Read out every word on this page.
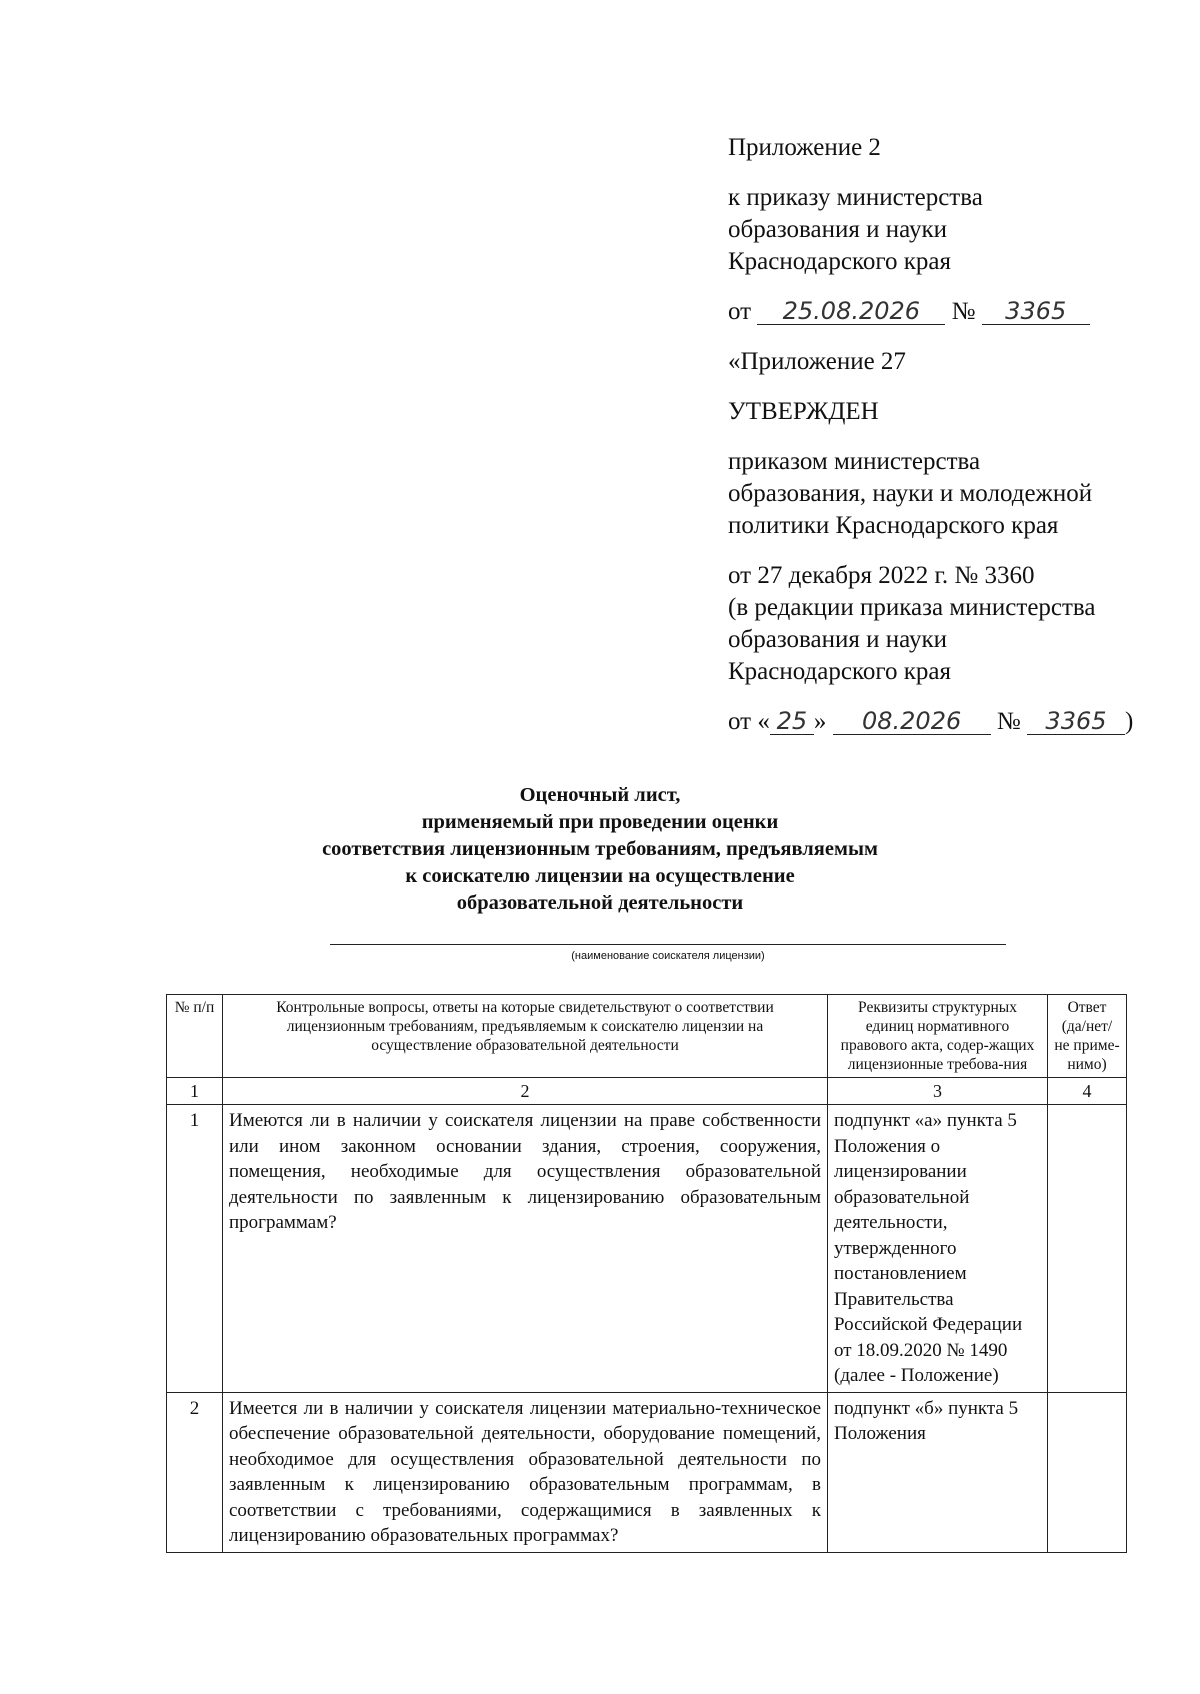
Приложение 2

к приказу министерства

образования и науки

Краснодарского края

от 25.08.2026 № 3365

«Приложение 27

УТВЕРЖДЕН

приказом министерства

образования, науки и молодежной

политики Краснодарского края

от 27 декабря 2022 г. № 3360

(в редакции приказа министерства

образования и науки

Краснодарского края

от « 25 » 08.2026 № 3365 )

Оценочный лист,
применяемый при проведении оценки
соответствия лицензионным требованиям, предъявляемым
к соискателю лицензии на осуществление
образовательной деятельности
(наименование соискателя лицензии)
№ п/п	Контрольные вопросы, ответы на которые свидетельствуют о соответствии лицензионным требованиям, предъявляемым к соискателю лицензии на осуществление образовательной деятельности	Реквизиты структурных единиц нормативного правового акта, содер-жащих лицензионные требова-ния	Ответ (да/нет/ не приме-нимо)
1	2	3	4
1	Имеются ли в наличии у соискателя лицензии на праве собственности или ином законном основании здания, строения, сооружения, помещения, необходимые для осуществления образовательной деятельности по заявленным к лицензированию образовательным программам?	подпункт «а» пункта 5 Положения о лицензировании образовательной деятельности, утвержденного постановлением Правительства Российской Федерации от 18.09.2020 № 1490 (далее - Положение)	
2	Имеется ли в наличии у соискателя лицензии материально-техническое обеспечение образовательной деятельности, оборудование помещений, необходимое для осуществления образовательной деятельности по заявленным к лицензированию образовательным программам, в соответствии с требованиями, содержащимися в заявленных к лицензированию образовательных программах?	подпункт «б» пункта 5 Положения	
